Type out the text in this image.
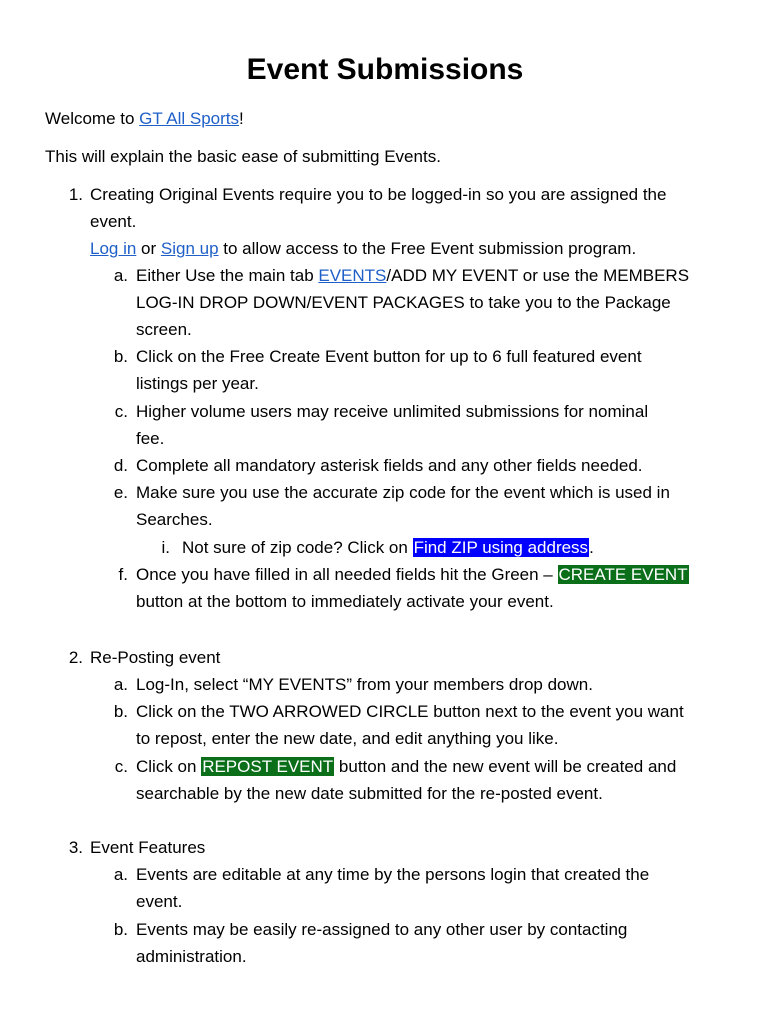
Event Submissions
Welcome to GT All Sports!
This will explain the basic ease of submitting Events.
1. Creating Original Events require you to be logged-in so you are assigned the
event.
Log in or Sign up to allow access to the Free Event submission program.
a. Either Use the main tab EVENTS/ADD MY EVENT or use the MEMBERS
LOG-IN DROP DOWN/EVENT PACKAGES to take you to the Package
screen.
b. Click on the Free Create Event button for up to 6 full featured event
listings per year.
c. Higher volume users may receive unlimited submissions for nominal
fee.
d. Complete all mandatory asterisk fields and any other fields needed.
e. Make sure you use the accurate zip code for the event which is used in
Searches.
i. Not sure of zip code? Click on Find ZIP using address.
f. Once you have filled in all needed fields hit the Green – CREATE EVENT
button at the bottom to immediately activate your event.
2. Re-Posting event
a. Log-In, select “MY EVENTS” from your members drop down.
b. Click on the TWO ARROWED CIRCLE button next to the event you want
to repost, enter the new date, and edit anything you like.
c. Click on REPOST EVENT button and the new event will be created and
searchable by the new date submitted for the re-posted event.
3. Event Features
a. Events are editable at any time by the persons login that created the
event.
b. Events may be easily re-assigned to any other user by contacting
administration.
